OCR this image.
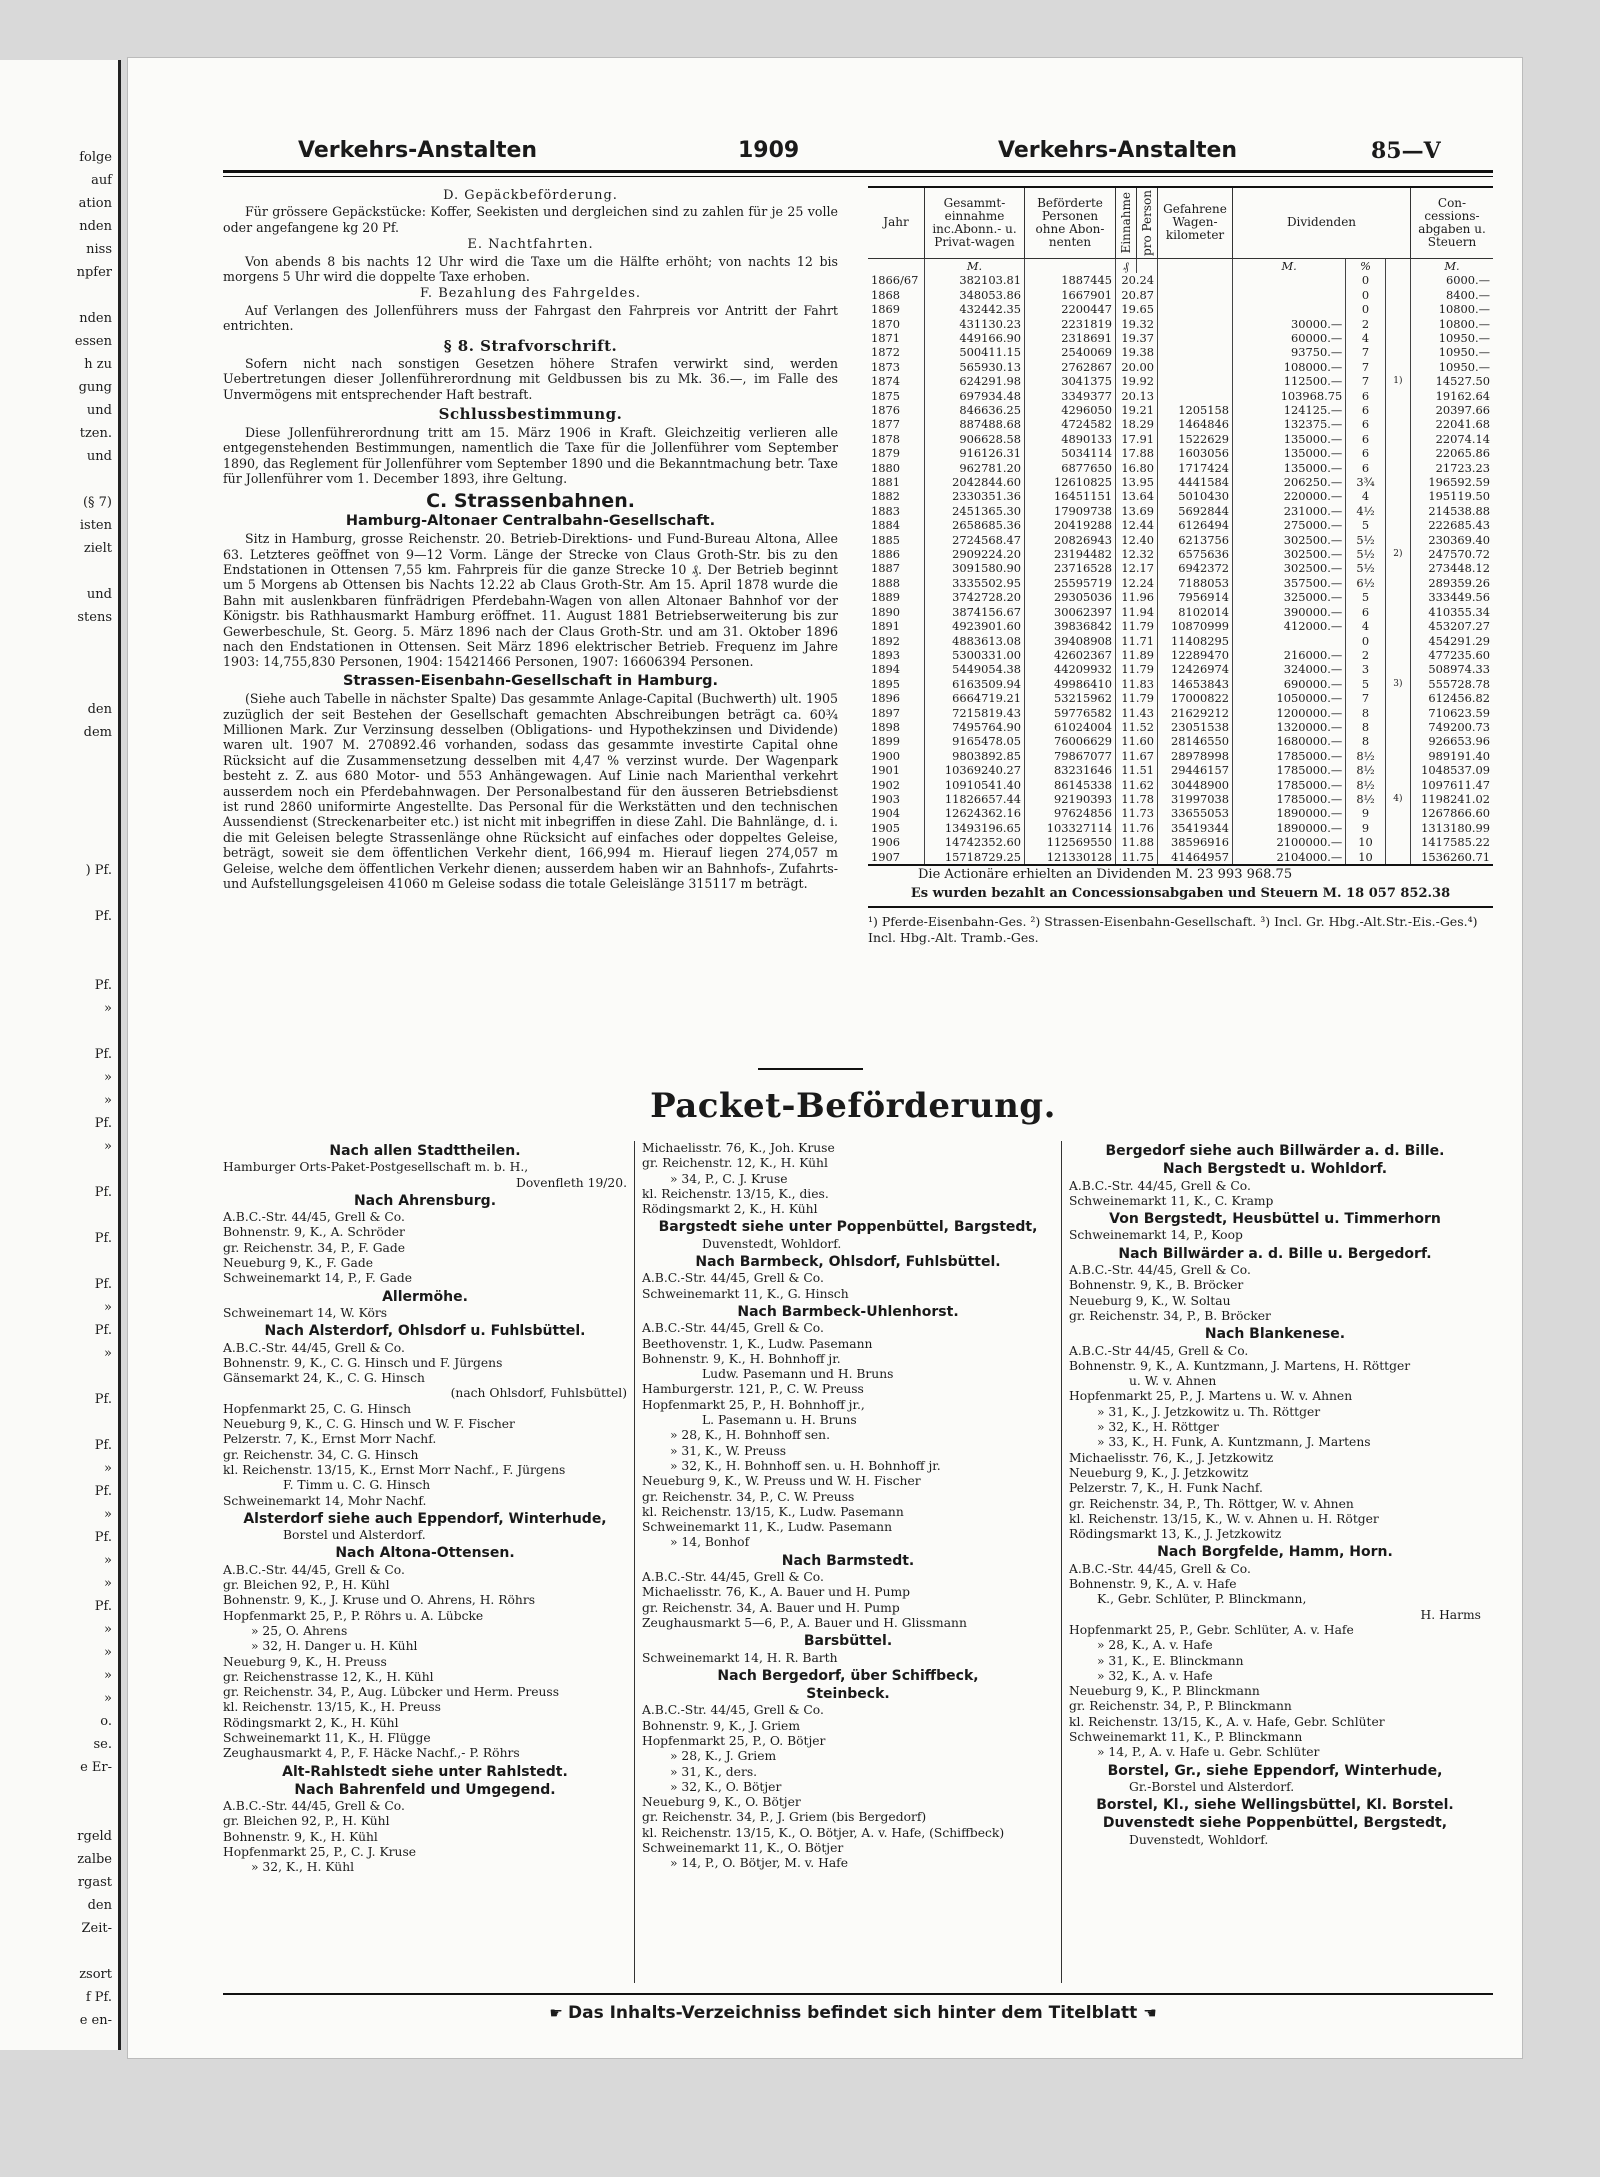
folge
auf
ation
nden
niss
npfer
nden
essen
h zu
gung
und
tzen.
und
(§ 7)
isten
zielt
und
stens
den
dem
) Pf.
Pf.
Pf.
»
Pf.
»
»
Pf.
»
Pf.
Pf.
Pf.
»
Pf.
»
Pf.
Pf.
»
Pf.
»
Pf.
»
»
Pf.
»
»
»
»
o.
se.
e Er-
rgeld
zalbe
rgast
den
Zeit-
zsort
f Pf.
e en-
Verkehrs-Anstalten	1909	Verkehrs-Anstalten	85—V
D. Gepäckbeförderung.

Für grössere Gepäckstücke: Koffer, Seekisten und dergleichen sind zu zahlen für je 25 volle oder angefangene kg 20 Pf.

E. Nachtfahrten.

Von abends 8 bis nachts 12 Uhr wird die Taxe um die Hälfte erhöht; von nachts 12 bis morgens 5 Uhr wird die doppelte Taxe erhoben.

F. Bezahlung des Fahrgeldes.

Auf Verlangen des Jollenführers muss der Fahrgast den Fahrpreis vor Antritt der Fahrt entrichten.

§ 8. Strafvorschrift.

Sofern nicht nach sonstigen Gesetzen höhere Strafen verwirkt sind, werden Uebertretungen dieser Jollenführerordnung mit Geldbussen bis zu Mk. 36.—, im Falle des Unvermögens mit entsprechender Haft bestraft.

Schlussbestimmung.

Diese Jollenführerordnung tritt am 15. März 1906 in Kraft. Gleichzeitig verlieren alle entgegenstehenden Bestimmungen, namentlich die Taxe für die Jollenführer vom September 1890, das Reglement für Jollenführer vom September 1890 und die Bekanntmachung betr. Taxe für Jollenführer vom 1. December 1893, ihre Geltung.

C. Strassenbahnen.
Hamburg-Altonaer Centralbahn-Gesellschaft.

Sitz in Hamburg, grosse Reichenstr. 20. Betrieb-Direktions- und Fund-Bureau Altona, Allee 63. Letzteres geöffnet von 9—12 Vorm. Länge der Strecke von Claus Groth-Str. bis zu den Endstationen in Ottensen 7,55 km. Fahrpreis für die ganze Strecke 10 ₰. Der Betrieb beginnt um 5 Morgens ab Ottensen bis Nachts 12.22 ab Claus Groth-Str. Am 15. April 1878 wurde die Bahn mit auslenkbaren fünfrädrigen Pferdebahn-Wagen von allen Altonaer Bahnhof vor der Königstr. bis Rathhausmarkt Hamburg eröffnet. 11. August 1881 Betriebserweiterung bis zur Gewerbeschule, St. Georg. 5. März 1896 nach der Claus Groth-Str. und am 31. Oktober 1896 nach den Endstationen in Ottensen. Seit März 1896 elektrischer Betrieb. Frequenz im Jahre 1903: 14,755,830 Personen, 1904: 15421466 Personen, 1907: 16606394 Personen.

Strassen-Eisenbahn-Gesellschaft in Hamburg.

(Siehe auch Tabelle in nächster Spalte) Das gesammte Anlage-Capital (Buchwerth) ult. 1905 zuzüglich der seit Bestehen der Gesellschaft gemachten Abschreibungen beträgt ca. 60¾ Millionen Mark. Zur Verzinsung desselben (Obligations- und Hypothekzinsen und Dividende) waren ult. 1907 M. 270892.46 vorhanden, sodass das gesammte investirte Capital ohne Rücksicht auf die Zusammensetzung desselben mit 4,47 % verzinst wurde. Der Wagenpark besteht z. Z. aus 680 Motor- und 553 Anhängewagen. Auf Linie nach Marienthal verkehrt ausserdem noch ein Pferdebahnwagen. Der Personalbestand für den äusseren Betriebsdienst ist rund 2860 uniformirte Angestellte. Das Personal für die Werkstätten und den technischen Aussendienst (Streckenarbeiter etc.) ist nicht mit inbegriffen in diese Zahl. Die Bahnlänge, d. i. die mit Geleisen belegte Strassenlänge ohne Rücksicht auf einfaches oder doppeltes Geleise, beträgt, soweit sie dem öffentlichen Verkehr dient, 166,994 m. Hierauf liegen 274,057 m Geleise, welche dem öffentlichen Verkehr dienen; ausserdem haben wir an Bahnhofs-, Zufahrts- und Aufstellungsgeleisen 41060 m Geleise sodass die totale Geleislänge 315117 m beträgt.

Jahr	Gesammt-einnahme inc.Abonn.- u. Privat-wagen	Beförderte Personen ohne Abon-nenten	Einnahme	pro Person	Gefahrene Wagen-kilometer	Dividenden			Con-cessions-abgaben u. Steuern
	M.		₰			M.	%		M.
1866/67	382103.81	1887445	20.24				0		6000.—
1868	348053.86	1667901	20.87				0		8400.—
1869	432442.35	2200447	19.65				0		10800.—
1870	431130.23	2231819	19.32			30000.—	2		10800.—
1871	449166.90	2318691	19.37			60000.—	4		10950.—
1872	500411.15	2540069	19.38			93750.—	7		10950.—
1873	565930.13	2762867	20.00			108000.—	7		10950.—
1874	624291.98	3041375	19.92			112500.—	7	1)	14527.50
1875	697934.48	3349377	20.13			103968.75	6		19162.64
1876	846636.25	4296050	19.21		1205158	124125.—	6		20397.66
1877	887488.68	4724582	18.29		1464846	132375.—	6		22041.68
1878	906628.58	4890133	17.91		1522629	135000.—	6		22074.14
1879	916126.31	5034114	17.88		1603056	135000.—	6		22065.86
1880	962781.20	6877650	16.80		1717424	135000.—	6		21723.23
1881	2042844.60	12610825	13.95		4441584	206250.—	3¾		196592.59
1882	2330351.36	16451151	13.64		5010430	220000.—	4		195119.50
1883	2451365.30	17909738	13.69		5692844	231000.—	4½		214538.88
1884	2658685.36	20419288	12.44		6126494	275000.—	5		222685.43
1885	2724568.47	20826943	12.40		6213756	302500.—	5½		230369.40
1886	2909224.20	23194482	12.32		6575636	302500.—	5½	2)	247570.72
1887	3091580.90	23716528	12.17		6942372	302500.—	5½		273448.12
1888	3335502.95	25595719	12.24		7188053	357500.—	6½		289359.26
1889	3742728.20	29305036	11.96		7956914	325000.—	5		333449.56
1890	3874156.67	30062397	11.94		8102014	390000.—	6		410355.34
1891	4923901.60	39836842	11.79		10870999	412000.—	4		453207.27
1892	4883613.08	39408908	11.71		11408295		0		454291.29
1893	5300331.00	42602367	11.89		12289470	216000.—	2		477235.60
1894	5449054.38	44209932	11.79		12426974	324000.—	3		508974.33
1895	6163509.94	49986410	11.83		14653843	690000.—	5	3)	555728.78
1896	6664719.21	53215962	11.79		17000822	1050000.—	7		612456.82
1897	7215819.43	59776582	11.43		21629212	1200000.—	8		710623.59
1898	7495764.90	61024004	11.52		23051538	1320000.—	8		749200.73
1899	9165478.05	76006629	11.60		28146550	1680000.—	8		926653.96
1900	9803892.85	79867077	11.67		28978998	1785000.—	8½		989191.40
1901	10369240.27	83231646	11.51		29446157	1785000.—	8½		1048537.09
1902	10910541.40	86145338	11.62		30448900	1785000.—	8½		1097611.47
1903	11826657.44	92190393	11.78		31997038	1785000.—	8½	4)	1198241.02
1904	12624362.16	97624856	11.73		33655053	1890000.—	9		1267866.60
1905	13493196.65	103327114	11.76		35419344	1890000.—	9		1313180.99
1906	14742352.60	112569550	11.88		38596916	2100000.—	10		1417585.22
1907	15718729.25	121330128	11.75		41464957	2104000.—	10		1536260.71
Die Actionäre erhielten an Dividenden M. 23 993 968.75
Es wurden bezahlt an Concessionsabgaben und Steuern M. 18 057 852.38
¹) Pferde-Eisenbahn-Ges. ²) Strassen-Eisenbahn-Gesellschaft. ³) Incl. Gr. Hbg.-Alt.Str.-Eis.-Ges.⁴) Incl. Hbg.-Alt. Tramb.-Ges.
Packet-Beförderung.
Nach allen Stadttheilen.
Hamburger Orts-Paket-Postgesellschaft m. b. H.,
Dovenfleth 19/20.
Nach Ahrensburg.
A.B.C.-Str. 44/45, Grell & Co.
Bohnenstr. 9, K., A. Schröder
gr. Reichenstr. 34, P., F. Gade
Neueburg 9, K., F. Gade
Schweinemarkt 14, P., F. Gade
Allermöhe.
Schweinemart 14, W. Körs
Nach Alsterdorf, Ohlsdorf u. Fuhlsbüttel.
A.B.C.-Str. 44/45, Grell & Co.
Bohnenstr. 9, K., C. G. Hinsch und F. Jürgens
Gänsemarkt 24, K., C. G. Hinsch
(nach Ohlsdorf, Fuhlsbüttel)
Hopfenmarkt 25, C. G. Hinsch
Neueburg 9, K., C. G. Hinsch und W. F. Fischer
Pelzerstr. 7, K., Ernst Morr Nachf.
gr. Reichenstr. 34, C. G. Hinsch
kl. Reichenstr. 13/15, K., Ernst Morr Nachf., F. Jürgens
F. Timm u. C. G. Hinsch
Schweinemarkt 14, Mohr Nachf.
Alsterdorf siehe auch Eppendorf, Winterhude,
Borstel und Alsterdorf.
Nach Altona-Ottensen.
A.B.C.-Str. 44/45, Grell & Co.
gr. Bleichen 92, P., H. Kühl
Bohnenstr. 9, K., J. Kruse und O. Ahrens, H. Röhrs
Hopfenmarkt 25, P., P. Röhrs u. A. Lübcke
» 25, O. Ahrens
» 32, H. Danger u. H. Kühl
Neueburg 9, K., H. Preuss
gr. Reichenstrasse 12, K., H. Kühl
gr. Reichenstr. 34, P., Aug. Lübcker und Herm. Preuss
kl. Reichenstr. 13/15, K., H. Preuss
Rödingsmarkt 2, K., H. Kühl
Schweinemarkt 11, K., H. Flügge
Zeughausmarkt 4, P., F. Häcke Nachf.,- P. Röhrs
Alt-Rahlstedt siehe unter Rahlstedt.
Nach Bahrenfeld und Umgegend.
A.B.C.-Str. 44/45, Grell & Co.
gr. Bleichen 92, P., H. Kühl
Bohnenstr. 9, K., H. Kühl
Hopfenmarkt 25, P., C. J. Kruse
» 32, K., H. Kühl
Michaelisstr. 76, K., Joh. Kruse
gr. Reichenstr. 12, K., H. Kühl
» 34, P., C. J. Kruse
kl. Reichenstr. 13/15, K., dies.
Rödingsmarkt 2, K., H. Kühl
Bargstedt siehe unter Poppenbüttel, Bargstedt,
Duvenstedt, Wohldorf.
Nach Barmbeck, Ohlsdorf, Fuhlsbüttel.
A.B.C.-Str. 44/45, Grell & Co.
Schweinemarkt 11, K., G. Hinsch
Nach Barmbeck-Uhlenhorst.
A.B.C.-Str. 44/45, Grell & Co.
Beethovenstr. 1, K., Ludw. Pasemann
Bohnenstr. 9, K., H. Bohnhoff jr.
Ludw. Pasemann und H. Bruns
Hamburgerstr. 121, P., C. W. Preuss
Hopfenmarkt 25, P., H. Bohnhoff jr.,
L. Pasemann u. H. Bruns
» 28, K., H. Bohnhoff sen.
» 31, K., W. Preuss
» 32, K., H. Bohnhoff sen. u. H. Bohnhoff jr.
Neueburg 9, K., W. Preuss und W. H. Fischer
gr. Reichenstr. 34, P., C. W. Preuss
kl. Reichenstr. 13/15, K., Ludw. Pasemann
Schweinemarkt 11, K., Ludw. Pasemann
» 14, Bonhof
Nach Barmstedt.
A.B.C.-Str. 44/45, Grell & Co.
Michaelisstr. 76, K., A. Bauer und H. Pump
gr. Reichenstr. 34, A. Bauer und H. Pump
Zeughausmarkt 5—6, P., A. Bauer und H. Glissmann
Barsbüttel.
Schweinemarkt 14, H. R. Barth
Nach Bergedorf, über Schiffbeck,
Steinbeck.
A.B.C.-Str. 44/45, Grell & Co.
Bohnenstr. 9, K., J. Griem
Hopfenmarkt 25, P., O. Bötjer
» 28, K., J. Griem
» 31, K., ders.
» 32, K., O. Bötjer
Neueburg 9, K., O. Bötjer
gr. Reichenstr. 34, P., J. Griem (bis Bergedorf)
kl. Reichenstr. 13/15, K., O. Bötjer, A. v. Hafe, (Schiffbeck)
Schweinemarkt 11, K., O. Bötjer
» 14, P., O. Bötjer, M. v. Hafe
Bergedorf siehe auch Billwärder a. d. Bille.
Nach Bergstedt u. Wohldorf.
A.B.C.-Str. 44/45, Grell & Co.
Schweinemarkt 11, K., C. Kramp
Von Bergstedt, Heusbüttel u. Timmerhorn
Schweinemarkt 14, P., Koop
Nach Billwärder a. d. Bille u. Bergedorf.
A.B.C.-Str. 44/45, Grell & Co.
Bohnenstr. 9, K., B. Bröcker
Neueburg 9, K., W. Soltau
gr. Reichenstr. 34, P., B. Bröcker
Nach Blankenese.
A.B.C.-Str 44/45, Grell & Co.
Bohnenstr. 9, K., A. Kuntzmann, J. Martens, H. Röttger
u. W. v. Ahnen
Hopfenmarkt 25, P., J. Martens u. W. v. Ahnen
» 31, K., J. Jetzkowitz u. Th. Röttger
» 32, K., H. Röttger
» 33, K., H. Funk, A. Kuntzmann, J. Martens
Michaelisstr. 76, K., J. Jetzkowitz
Neueburg 9, K., J. Jetzkowitz
Pelzerstr. 7, K., H. Funk Nachf.
gr. Reichenstr. 34, P., Th. Röttger, W. v. Ahnen
kl. Reichenstr. 13/15, K., W. v. Ahnen u. H. Rötger
Rödingsmarkt 13, K., J. Jetzkowitz
Nach Borgfelde, Hamm, Horn.
A.B.C.-Str. 44/45, Grell & Co.
Bohnenstr. 9, K., A. v. Hafe
K., Gebr. Schlüter, P. Blinckmann,
H. Harms
Hopfenmarkt 25, P., Gebr. Schlüter, A. v. Hafe
» 28, K., A. v. Hafe
» 31, K., E. Blinckmann
» 32, K., A. v. Hafe
Neueburg 9, K., P. Blinckmann
gr. Reichenstr. 34, P., P. Blinckmann
kl. Reichenstr. 13/15, K., A. v. Hafe, Gebr. Schlüter
Schweinemarkt 11, K., P. Blinckmann
» 14, P., A. v. Hafe u. Gebr. Schlüter
Borstel, Gr., siehe Eppendorf, Winterhude,
Gr.-Borstel und Alsterdorf.
Borstel, Kl., siehe Wellingsbüttel, Kl. Borstel.
Duvenstedt siehe Poppenbüttel, Bergstedt,
Duvenstedt, Wohldorf.
☛ Das Inhalts-Verzeichniss befindet sich hinter dem Titelblatt ☚
